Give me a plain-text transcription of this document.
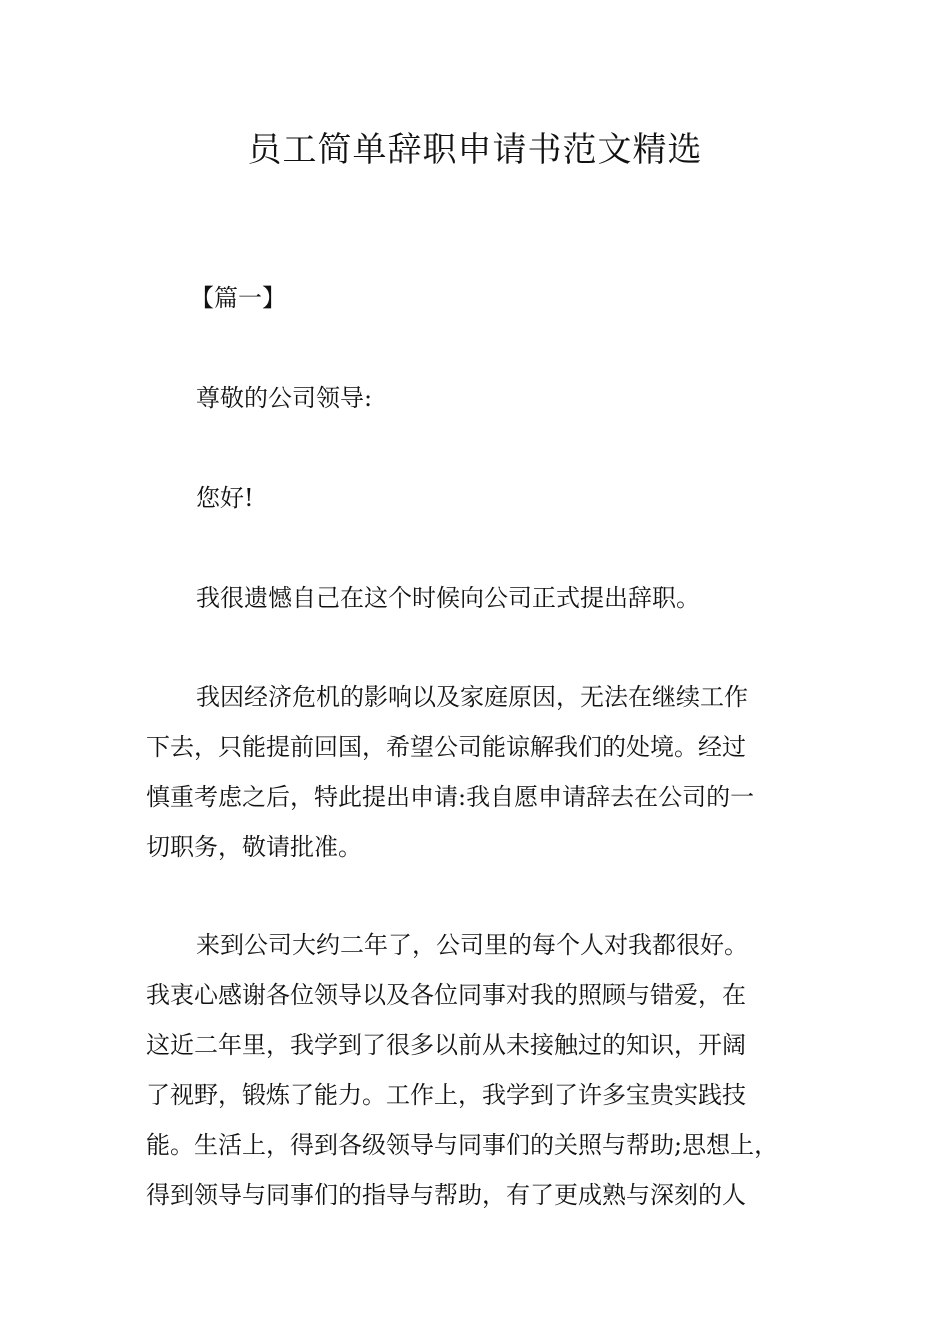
员工简单辞职申请书范文精选

【篇一】

尊敬的公司领导:

您好!

我很遗憾自己在这个时候向公司正式提出辞职。

我因经济危机的影响以及家庭原因，无法在继续工作

下去，只能提前回国，希望公司能谅解我们的处境。经过

慎重考虑之后，特此提出申请:我自愿申请辞去在公司的一

切职务，敬请批准。

来到公司大约二年了，公司里的每个人对我都很好。

我衷心感谢各位领导以及各位同事对我的照顾与错爱，在

这近二年里，我学到了很多以前从未接触过的知识，开阔

了视野，锻炼了能力。工作上，我学到了许多宝贵实践技

能。生活上，得到各级领导与同事们的关照与帮助;思想上，

得到领导与同事们的指导与帮助，有了更成熟与深刻的人
